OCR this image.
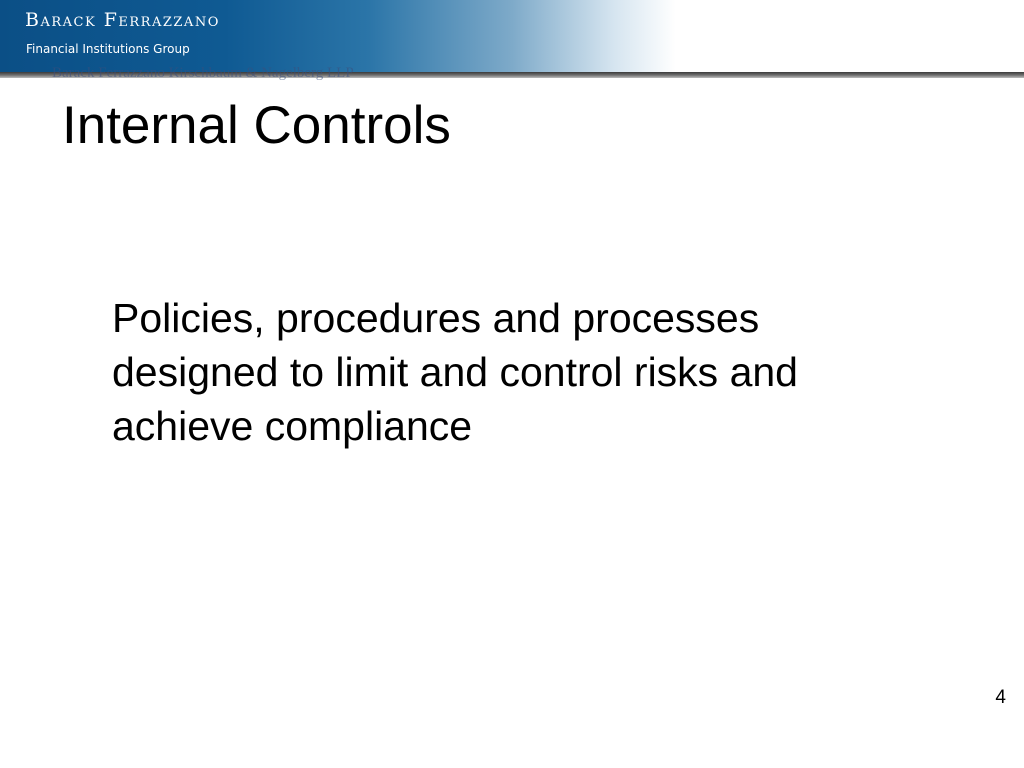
Barack Ferrazzano
Financial Institutions Group
Barack Ferrazzano Kirschbaum & Nagelberg LLP
Internal Controls

Policies, procedures and processes designed to limit and control risks and achieve compliance

4
